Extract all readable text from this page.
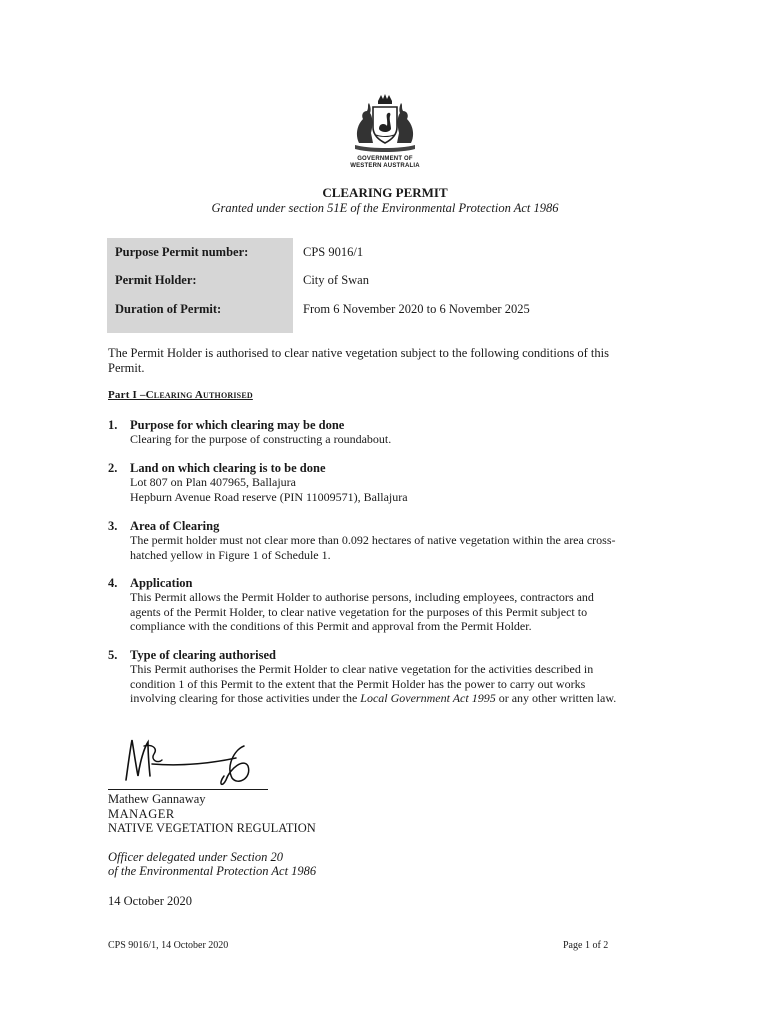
GOVERNMENT OF
WESTERN AUSTRALIA
CLEARING PERMIT
Granted under section 51E of the Environmental Protection Act 1986
Purpose Permit number:	CPS 9016/1
Permit Holder:	City of Swan
Duration of Permit:	From 6 November 2020 to 6 November 2025
The Permit Holder is authorised to clear native vegetation subject to the following conditions of this
Permit.
Part I –Clearing Authorised
1. Purpose for which clearing may be done
Clearing for the purpose of constructing a roundabout.
2. Land on which clearing is to be done
Lot 807 on Plan 407965, Ballajura
Hepburn Avenue Road reserve (PIN 11009571), Ballajura
3. Area of Clearing
The permit holder must not clear more than 0.092 hectares of native vegetation within the area cross-
hatched yellow in Figure 1 of Schedule 1.
4. Application
This Permit allows the Permit Holder to authorise persons, including employees, contractors and
agents of the Permit Holder, to clear native vegetation for the purposes of this Permit subject to
compliance with the conditions of this Permit and approval from the Permit Holder.
5. Type of clearing authorised
This Permit authorises the Permit Holder to clear native vegetation for the activities described in
condition 1 of this Permit to the extent that the Permit Holder has the power to carry out works
involving clearing for those activities under the Local Government Act 1995 or any other written law.
Mathew Gannaway
MANAGER
NATIVE VEGETATION REGULATION
Officer delegated under Section 20
of the Environmental Protection Act 1986
14 October 2020
CPS 9016/1, 14 October 2020	Page 1 of 2
